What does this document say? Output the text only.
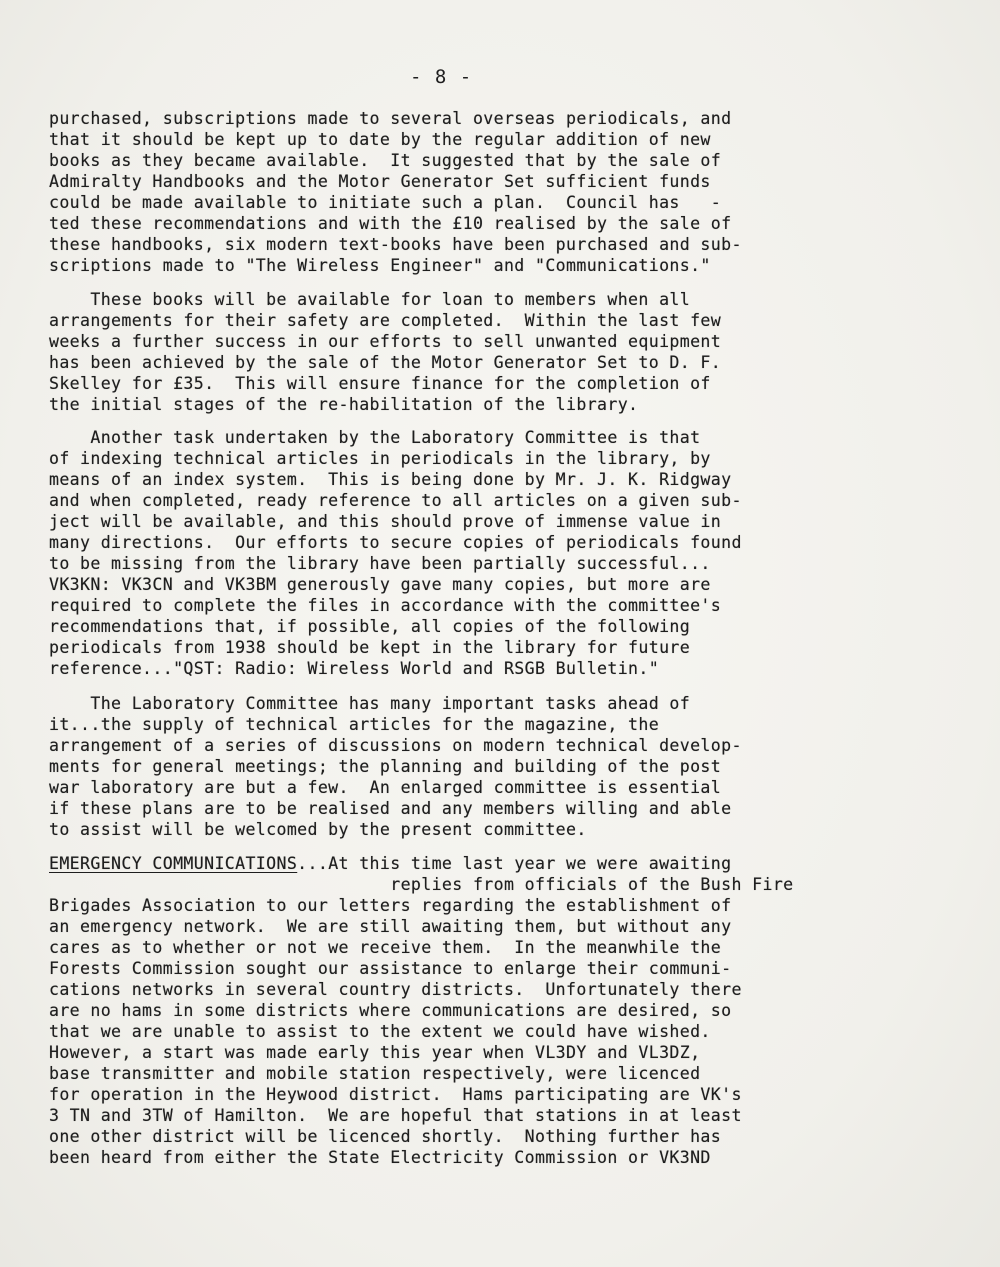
- 8 -
purchased, subscriptions made to several overseas periodicals, and
that it should be kept up to date by the regular addition of new
books as they became available.  It suggested that by the sale of
Admiralty Handbooks and the Motor Generator Set sufficient funds
could be made available to initiate such a plan.  Council has   -
ted these recommendations and with the £10 realised by the sale of
these handbooks, six modern text-books have been purchased and sub-
scriptions made to "The Wireless Engineer" and "Communications."
These books will be available for loan to members when all
arrangements for their safety are completed.  Within the last few
weeks a further success in our efforts to sell unwanted equipment
has been achieved by the sale of the Motor Generator Set to D. F.
Skelley for £35.  This will ensure finance for the completion of
the initial stages of the re-habilitation of the library.
Another task undertaken by the Laboratory Committee is that
of indexing technical articles in periodicals in the library, by
means of an index system.  This is being done by Mr. J. K. Ridgway
and when completed, ready reference to all articles on a given sub-
ject will be available, and this should prove of immense value in
many directions.  Our efforts to secure copies of periodicals found
to be missing from the library have been partially successful...
VK3KN: VK3CN and VK3BM generously gave many copies, but more are
required to complete the files in accordance with the committee's
recommendations that, if possible, all copies of the following
periodicals from 1938 should be kept in the library for future
reference..."QST: Radio: Wireless World and RSGB Bulletin."
The Laboratory Committee has many important tasks ahead of
it...the supply of technical articles for the magazine, the
arrangement of a series of discussions on modern technical develop-
ments for general meetings; the planning and building of the post
war laboratory are but a few.  An enlarged committee is essential
if these plans are to be realised and any members willing and able
to assist will be welcomed by the present committee.
EMERGENCY COMMUNICATIONS...At this time last year we were awaiting
replies from officials of the Bush Fire
Brigades Association to our letters regarding the establishment of
an emergency network.  We are still awaiting them, but without any
cares as to whether or not we receive them.  In the meanwhile the
Forests Commission sought our assistance to enlarge their communi-
cations networks in several country districts.  Unfortunately there
are no hams in some districts where communications are desired, so
that we are unable to assist to the extent we could have wished.
However, a start was made early this year when VL3DY and VL3DZ,
base transmitter and mobile station respectively, were licenced
for operation in the Heywood district.  Hams participating are VK's
3 TN and 3TW of Hamilton.  We are hopeful that stations in at least
one other district will be licenced shortly.  Nothing further has
been heard from either the State Electricity Commission or VK3ND
